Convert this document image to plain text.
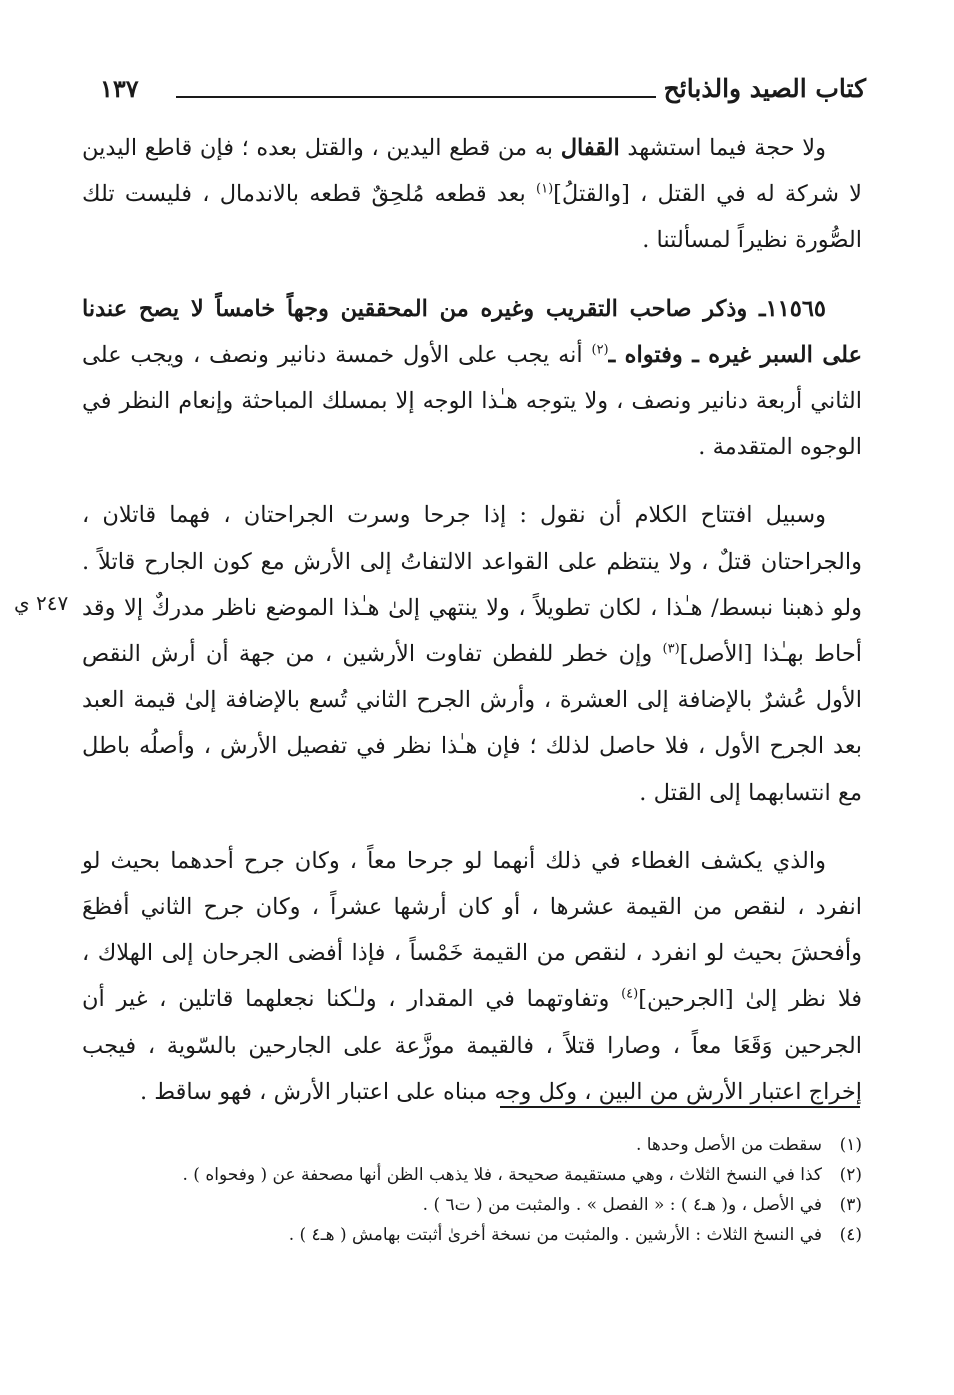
كتاب الصيد والذبائح
١٣٧

ولا حجة فيما استشهد القفال به من قطع اليدين ، والقتل بعده ؛ فإن قاطع اليدين لا شركة له في القتل ، [والقتلُ]$^{(١)}$ بعد قطعه مُلحِقٌ قطعه بالاندمال ، فليست تلك الصُّورة نظيراً لمسألتنا .

١١٥٦٥ـ وذكر صاحب التقريب وغيره من المحققين وجهاً خامساً لا يصح عندنا على السبر غيره ـ وفتواه ـ$^{(٢)}$ أنه يجب على الأول خمسة دنانير ونصف ، ويجب على الثاني أربعة دنانير ونصف ، ولا يتوجه هـٰذا الوجه إلا بمسلك المباحثة وإنعام النظر في الوجوه المتقدمة .

وسبيل افتتاح الكلام أن نقول : إذا جرحا وسرت الجراحتان ، فهما قاتلان ، والجراحتان قتلٌ ، ولا ينتظم على القواعد الالتفاتُ إلى الأرش مع كون الجارح قاتلاً . ولو ذهبنا نبسط/ هـٰذا ، لكان تطويلاً ، ولا ينتهي إلىٰ هـٰذا الموضع ناظر مدركٌ إلا وقد أحاط بهـٰذا [الأصل]$^{(٣)}$ وإن خطر للفطن تفاوت الأرشين ، من جهة أن أرش النقص الأول عُشرٌ بالإضافة إلى العشرة ، وأرش الجرح الثاني تُسع بالإضافة إلىٰ قيمة العبد بعد الجرح الأول ، فلا حاصل لذلك ؛ فإن هـٰذا نظر في تفصيل الأرش ، وأصلُه باطل مع انتسابهما إلى القتل .

والذي يكشف الغطاء في ذلك أنهما لو جرحا معاً ، وكان جرح أحدهما بحيث لو انفرد ، لنقص من القيمة عشرها ، أو كان أرشها عشراً ، وكان جرح الثاني أفظعَ وأفحشَ بحيث لو انفرد ، لنقص من القيمة خَمْساً ، فإذا أفضى الجرحان إلى الهلاك ، فلا نظر إلىٰ [الجرحين]$^{(٤)}$ وتفاوتهما في المقدار ، ولـٰكنا نجعلهما قاتلين ، غير أن الجرحين وَقَعَا معاً ، وصارا قتلاً ، فالقيمة موزَّعة على الجارحين بالسّوية ، فيجب إخراج اعتبار الأرش من البين ، وكل وجه مبناه على اعتبار الأرش ، فهو ساقط .

٢٤٧ ي
(١)
سقطت من الأصل وحدها .
(٢)
كذا في النسخ الثلاث ، وهي مستقيمة صحيحة ، فلا يذهب الظن أنها مصحفة عن ( وفحواه ) .
(٣)
في الأصل ، و( هـ٤ ) : « الفصل » . والمثبت من ( ت٦ ) .
(٤)
في النسخ الثلاث : الأرشين . والمثبت من نسخة أخرىٰ أثبتت بهامش ( هـ٤ ) .
